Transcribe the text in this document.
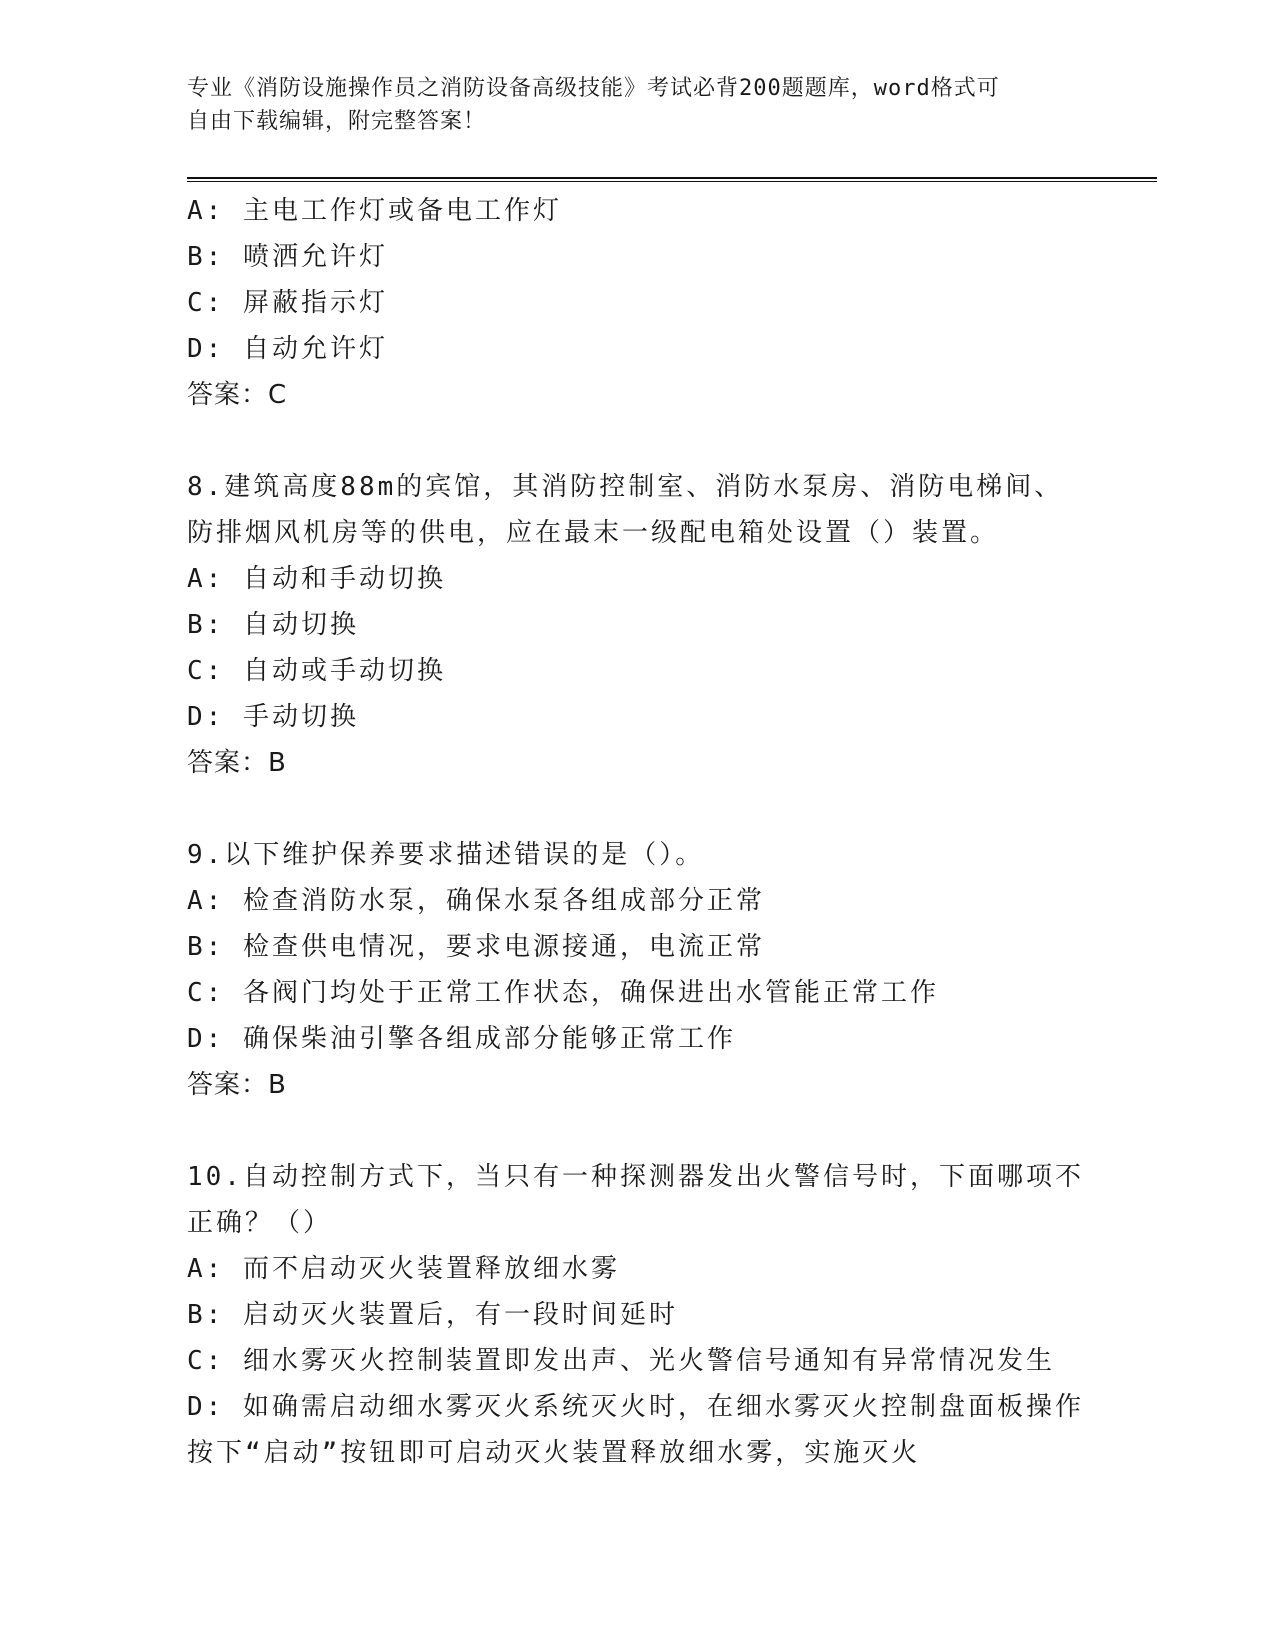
专业《消防设施操作员之消防设备高级技能》考试必背200题题库，word格式可
自由下载编辑，附完整答案！
A: 主电工作灯或备电工作灯
B: 喷洒允许灯
C: 屏蔽指示灯
D: 自动允许灯
答案：C
8.建筑高度88m的宾馆，其消防控制室、消防水泵房、消防电梯间、
防排烟风机房等的供电，应在最末一级配电箱处设置（）装置。
A: 自动和手动切换
B: 自动切换
C: 自动或手动切换
D: 手动切换
答案：B
9.以下维护保养要求描述错误的是（）。
A: 检查消防水泵，确保水泵各组成部分正常
B: 检查供电情况，要求电源接通，电流正常
C: 各阀门均处于正常工作状态，确保进出水管能正常工作
D: 确保柴油引擎各组成部分能够正常工作
答案：B
10.自动控制方式下，当只有一种探测器发出火警信号时，下面哪项不
正确？（）
A: 而不启动灭火装置释放细水雾
B: 启动灭火装置后，有一段时间延时
C: 细水雾灭火控制装置即发出声、光火警信号通知有异常情况发生
D: 如确需启动细水雾灭火系统灭火时，在细水雾灭火控制盘面板操作
按下“启动”按钮即可启动灭火装置释放细水雾，实施灭火
